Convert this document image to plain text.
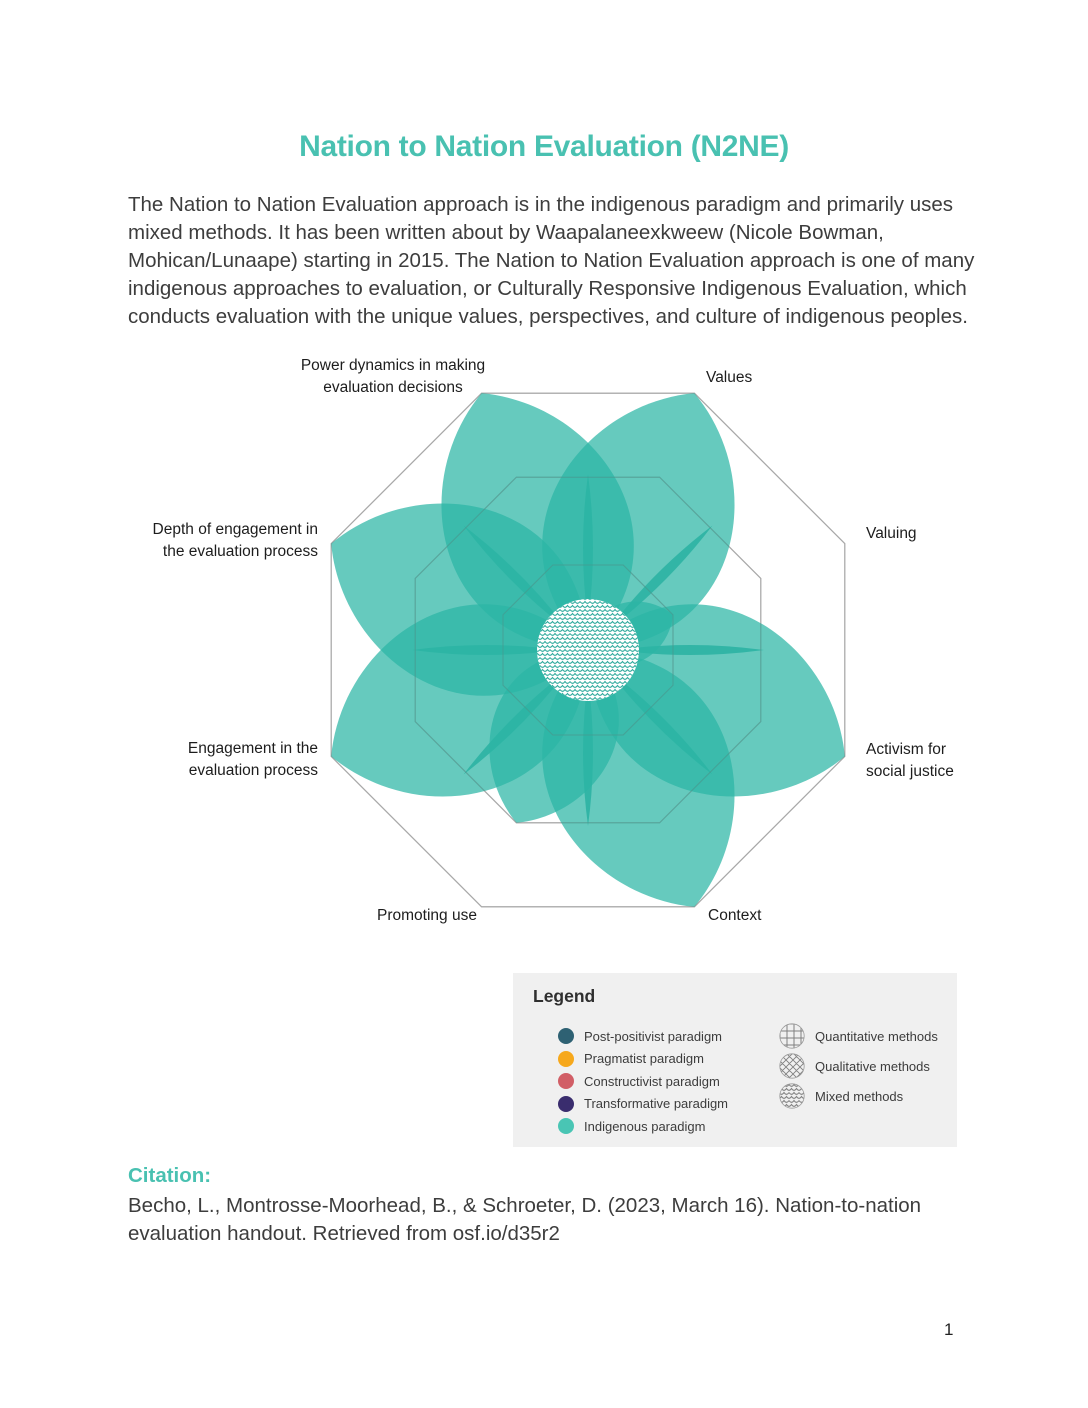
Nation to Nation Evaluation (N2NE)
The Nation to Nation Evaluation approach is in the indigenous paradigm and primarily uses
mixed methods. It has been written about by Waapalaneexkweew (Nicole Bowman,
Mohican/Lunaape) starting in 2015. The Nation to Nation Evaluation approach is one of many
indigenous approaches to evaluation, or Culturally Responsive Indigenous Evaluation, which
conducts evaluation with the unique values, perspectives, and culture of indigenous peoples.
Values
Valuing
Activism for
social justice
Context
Promoting use
Engagement in the
evaluation process
Depth of engagement in
the evaluation process
Power dynamics in making
evaluation decisions
Legend
Post-positivist paradigm
Pragmatist paradigm
Constructivist paradigm
Transformative paradigm
Indigenous paradigm
Quantitative methods
Qualitative methods
Mixed methods
Citation:
Becho, L., Montrosse-Moorhead, B., & Schroeter, D. (2023, March 16). Nation-to-nation
evaluation handout. Retrieved from osf.io/d35r2
1
